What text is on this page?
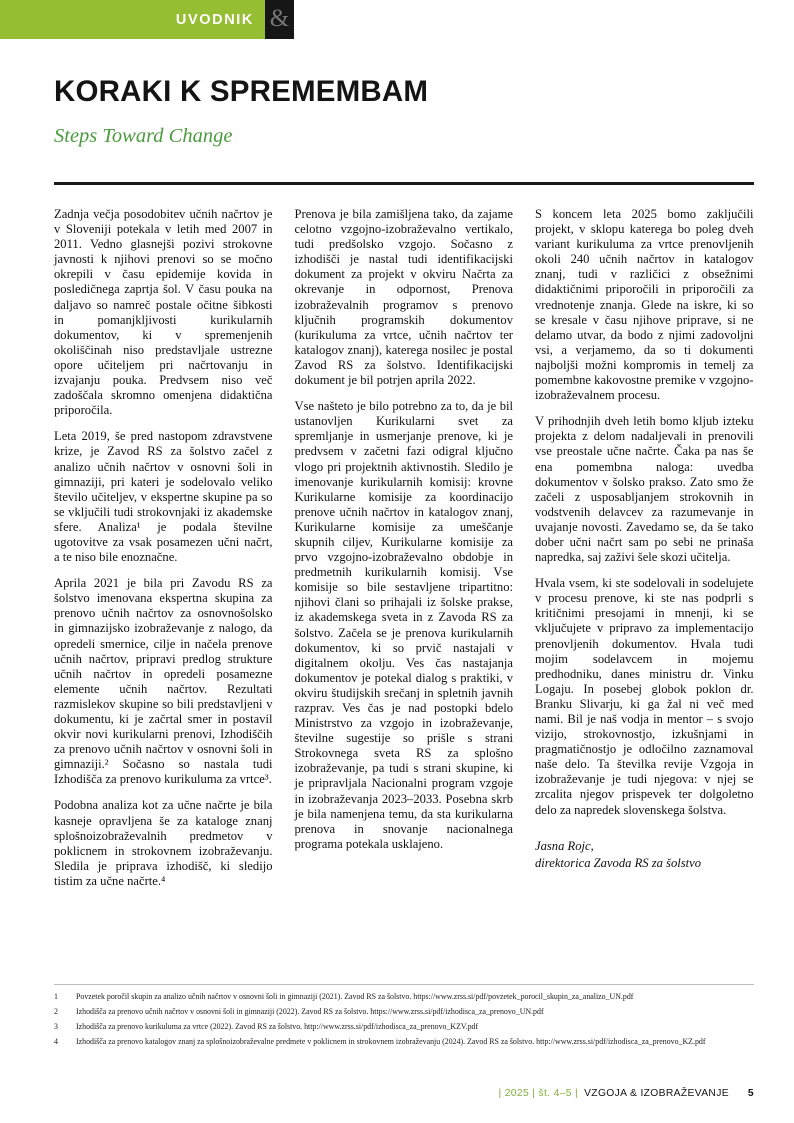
UVODNIK &
KORAKI K SPREMEMBAM
Steps Toward Change

Zadnja večja posodobitev učnih načrtov je v Sloveniji potekala v letih med 2007 in 2011. Vedno glasnejši pozivi strokovne javnosti k njihovi prenovi so se močno okrepili v času epidemije kovida in posledičnega zaprtja šol. V času pouka na daljavo so namreč postale očitne šibkosti in pomanjkljivosti kurikularnih dokumentov, ki v spremenjenih okoliščinah niso predstavljale ustrezne opore učiteljem pri načrtovanju in izvajanju pouka. Predvsem niso več zadoščala skromno omenjena didaktična priporočila.

Leta 2019, še pred nastopom zdravstvene krize, je Zavod RS za šolstvo začel z analizo učnih načrtov v osnovni šoli in gimnaziji, pri kateri je sodelovalo veliko število učiteljev, v ekspertne skupine pa so se vključili tudi strokovnjaki iz akademske sfere. Analiza¹ je podala številne ugotovitve za vsak posamezen učni načrt, a te niso bile enoznačne.

Aprila 2021 je bila pri Zavodu RS za šolstvo imenovana ekspertna skupina za prenovo učnih načrtov za osnovnošolsko in gimnazijsko izobraževanje z nalogo, da opredeli smernice, cilje in načela prenove učnih načrtov, pripravi predlog strukture učnih načrtov in opredeli posamezne elemente učnih načrtov. Rezultati razmislekov skupine so bili predstavljeni v dokumentu, ki je začrtal smer in postavil okvir novi kurikularni prenovi, Izhodiščih za prenovo učnih načrtov v osnovni šoli in gimnaziji.² Sočasno so nastala tudi Izhodišča za prenovo kurikuluma za vrtce³.

Podobna analiza kot za učne načrte je bila kasneje opravljena še za kataloge znanj splošnoizobraževalnih predmetov v poklicnem in strokovnem izobraževanju. Sledila je priprava izhodišč, ki sledijo tistim za učne načrte.⁴

Prenova je bila zamišljena tako, da zajame celotno vzgojno-izobraževalno vertikalo, tudi predšolsko vzgojo. Sočasno z izhodišči je nastal tudi identifikacijski dokument za projekt v okviru Načrta za okrevanje in odpornost, Prenova izobraževalnih programov s prenovo ključnih programskih dokumentov (kurikuluma za vrtce, učnih načrtov ter katalogov znanj), katerega nosilec je postal Zavod RS za šolstvo. Identifikacijski dokument je bil potrjen aprila 2022.

Vse našteto je bilo potrebno za to, da je bil ustanovljen Kurikularni svet za spremljanje in usmerjanje prenove, ki je predvsem v začetni fazi odigral ključno vlogo pri projektnih aktivnostih. Sledilo je imenovanje kurikularnih komisij: krovne Kurikularne komisije za koordinacijo prenove učnih načrtov in katalogov znanj, Kurikularne komisije za umeščanje skupnih ciljev, Kurikularne komisije za prvo vzgojno-izobraževalno obdobje in predmetnih kurikularnih komisij. Vse komisije so bile sestavljene tripartitno: njihovi člani so prihajali iz šolske prakse, iz akademskega sveta in z Zavoda RS za šolstvo. Začela se je prenova kurikularnih dokumentov, ki so prvič nastajali v digitalnem okolju. Ves čas nastajanja dokumentov je potekal dialog s praktiki, v okviru študijskih srečanj in spletnih javnih razprav. Ves čas je nad postopki bdelo Ministrstvo za vzgojo in izobraževanje, številne sugestije so prišle s strani Strokovnega sveta RS za splošno izobraževanje, pa tudi s strani skupine, ki je pripravljala Nacionalni program vzgoje in izobraževanja 2023–2033. Posebna skrb je bila namenjena temu, da sta kurikularna prenova in snovanje nacionalnega programa potekala usklajeno.

S koncem leta 2025 bomo zaključili projekt, v sklopu katerega bo poleg dveh variant kurikuluma za vrtce prenovljenih okoli 240 učnih načrtov in katalogov znanj, tudi v različici z obsežnimi didaktičnimi priporočili in priporočili za vrednotenje znanja. Glede na iskre, ki so se kresale v času njihove priprave, si ne delamo utvar, da bodo z njimi zadovoljni vsi, a verjamemo, da so ti dokumenti najboljši možni kompromis in temelj za pomembne kakovostne premike v vzgojno-izobraževalnem procesu.

V prihodnjih dveh letih bomo kljub izteku projekta z delom nadaljevali in prenovili vse preostale učne načrte. Čaka pa nas še ena pomembna naloga: uvedba dokumentov v šolsko prakso. Zato smo že začeli z usposabljanjem strokovnih in vodstvenih delavcev za razumevanje in uvajanje novosti. Zavedamo se, da še tako dober učni načrt sam po sebi ne prinaša napredka, saj zaživi šele skozi učitelja.

Hvala vsem, ki ste sodelovali in sodelujete v procesu prenove, ki ste nas podprli s kritičnimi presojami in mnenji, ki se vključujete v pripravo za implementacijo prenovljenih dokumentov. Hvala tudi mojim sodelavcem in mojemu predhodniku, danes ministru dr. Vinku Logaju. In posebej globok poklon dr. Branku Slivarju, ki ga žal ni več med nami. Bil je naš vodja in mentor – s svojo vizijo, strokovnostjo, izkušnjami in pragmatičnostjo je odločilno zaznamoval naše delo. Ta številka revije Vzgoja in izobraževanje je tudi njegova: v njej se zrcalita njegov prispevek ter dolgoletno delo za napredek slovenskega šolstva.

Jasna Rojc,
direktorica Zavoda RS za šolstvo

1	Povzetek poročil skupin za analizo učnih načrtov v osnovni šoli in gimnaziji (2021). Zavod RS za šolstvo. https://www.zrss.si/pdf/povzetek_porocil_skupin_za_analizo_UN.pdf
2	Izhodišča za prenovo učnih načrtov v osnovni šoli in gimnaziji (2022). Zavod RS za šolstvo. https://www.zrss.si/pdf/izhodisca_za_prenovo_UN.pdf
3	Izhodišča za prenovo kurikuluma za vrtce (2022). Zavod RS za šolstvo. http://www.zrss.si/pdf/izhodisca_za_prenovo_KZV.pdf
4	Izhodišča za prenovo katalogov znanj za splošnoizobraževalne predmete v poklicnem in strokovnem izobraževanju (2024). Zavod RS za šolstvo. http://www.zrss.si/pdf/izhodisca_za_prenovo_KZ.pdf
| 2025 | št. 4–5 | VZGOJA & IZOBRAŽEVANJE 5
